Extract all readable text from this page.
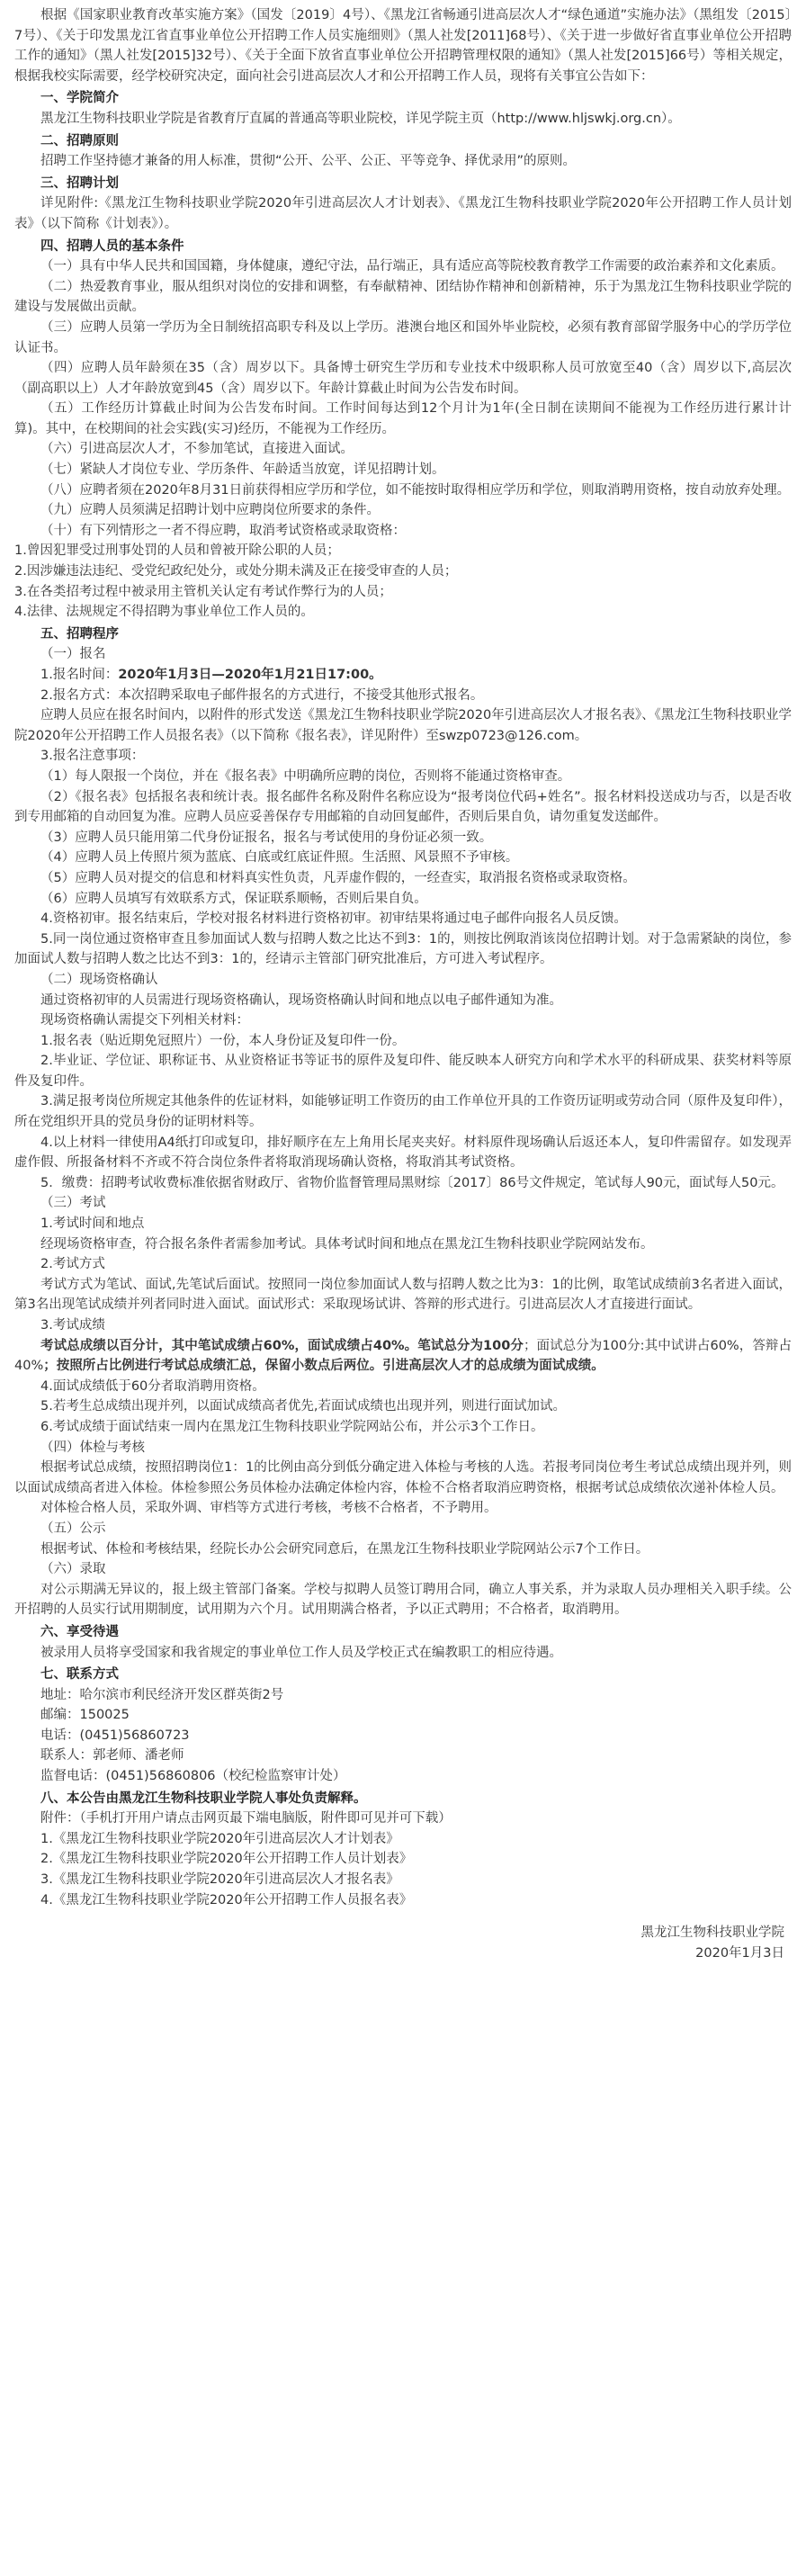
根据《国家职业教育改革实施方案》（国发〔2019〕4号）、《黑龙江省畅通引进高层次人才“绿色通道”实施办法》（黑组发〔2015〕7号）、《关于印发黑龙江省直事业单位公开招聘工作人员实施细则》（黑人社发[2011]68号）、《关于进一步做好省直事业单位公开招聘工作的通知》（黑人社发[2015]32号）、《关于全面下放省直事业单位公开招聘管理权限的通知》（黑人社发[2015]66号）等相关规定，根据我校实际需要，经学校研究决定，面向社会引进高层次人才和公开招聘工作人员，现将有关事宜公告如下：

一、学院简介

黑龙江生物科技职业学院是省教育厅直属的普通高等职业院校，详见学院主页（http://www.hljswkj.org.cn）。

二、招聘原则

招聘工作坚持德才兼备的用人标准，贯彻“公开、公平、公正、平等竞争、择优录用”的原则。

三、招聘计划

详见附件:《黑龙江生物科技职业学院2020年引进高层次人才计划表》、《黑龙江生物科技职业学院2020年公开招聘工作人员计划表》（以下简称《计划表》）。

四、招聘人员的基本条件

（一）具有中华人民共和国国籍，身体健康，遵纪守法，品行端正，具有适应高等院校教育教学工作需要的政治素养和文化素质。

（二）热爱教育事业，服从组织对岗位的安排和调整，有奉献精神、团结协作精神和创新精神，乐于为黑龙江生物科技职业学院的建设与发展做出贡献。

（三）应聘人员第一学历为全日制统招高职专科及以上学历。港澳台地区和国外毕业院校，必须有教育部留学服务中心的学历学位认证书。

（四）应聘人员年龄须在35（含）周岁以下。具备博士研究生学历和专业技术中级职称人员可放宽至40（含）周岁以下,高层次（副高职以上）人才年龄放宽到45（含）周岁以下。年龄计算截止时间为公告发布时间。

（五）工作经历计算截止时间为公告发布时间。工作时间每达到12个月计为1年(全日制在读期间不能视为工作经历进行累计计算)。其中，在校期间的社会实践(实习)经历，不能视为工作经历。

（六）引进高层次人才，不参加笔试，直接进入面试。

（七）紧缺人才岗位专业、学历条件、年龄适当放宽，详见招聘计划。

（八）应聘者须在2020年8月31日前获得相应学历和学位，如不能按时取得相应学历和学位，则取消聘用资格，按自动放弃处理。

（九）应聘人员须满足招聘计划中应聘岗位所要求的条件。

（十）有下列情形之一者不得应聘，取消考试资格或录取资格：

1.曾因犯罪受过刑事处罚的人员和曾被开除公职的人员；

2.因涉嫌违法违纪、受党纪政纪处分，或处分期未满及正在接受审查的人员；

3.在各类招考过程中被录用主管机关认定有考试作弊行为的人员；

4.法律、法规规定不得招聘为事业单位工作人员的。

五、招聘程序

（一）报名

1.报名时间：2020年1月3日—2020年1月21日17:00。

2.报名方式：本次招聘采取电子邮件报名的方式进行，不接受其他形式报名。

应聘人员应在报名时间内，以附件的形式发送《黑龙江生物科技职业学院2020年引进高层次人才报名表》、《黑龙江生物科技职业学院2020年公开招聘工作人员报名表》（以下简称《报名表》，详见附件）至swzp0723@126.com。

3.报名注意事项：

（1）每人限报一个岗位，并在《报名表》中明确所应聘的岗位，否则将不能通过资格审查。

（2）《报名表》包括报名表和统计表。报名邮件名称及附件名称应设为“报考岗位代码+姓名”。报名材料投送成功与否，以是否收到专用邮箱的自动回复为准。应聘人员应妥善保存专用邮箱的自动回复邮件，否则后果自负，请勿重复发送邮件。

（3）应聘人员只能用第二代身份证报名，报名与考试使用的身份证必须一致。

（4）应聘人员上传照片须为蓝底、白底或红底证件照。生活照、风景照不予审核。

（5）应聘人员对提交的信息和材料真实性负责，凡弄虚作假的，一经查实，取消报名资格或录取资格。

（6）应聘人员填写有效联系方式，保证联系顺畅，否则后果自负。

4.资格初审。报名结束后，学校对报名材料进行资格初审。初审结果将通过电子邮件向报名人员反馈。

5.同一岗位通过资格审查且参加面试人数与招聘人数之比达不到3：1的，则按比例取消该岗位招聘计划。对于急需紧缺的岗位，参加面试人数与招聘人数之比达不到3：1的，经请示主管部门研究批准后，方可进入考试程序。

（二）现场资格确认

通过资格初审的人员需进行现场资格确认，现场资格确认时间和地点以电子邮件通知为准。

现场资格确认需提交下列相关材料：

1.报名表（贴近期免冠照片）一份，本人身份证及复印件一份。

2.毕业证、学位证、职称证书、从业资格证书等证书的原件及复印件、能反映本人研究方向和学术水平的科研成果、获奖材料等原件及复印件。

3.满足报考岗位所规定其他条件的佐证材料，如能够证明工作资历的由工作单位开具的工作资历证明或劳动合同（原件及复印件），所在党组织开具的党员身份的证明材料等。

4.以上材料一律使用A4纸打印或复印，排好顺序在左上角用长尾夹夹好。材料原件现场确认后返还本人，复印件需留存。如发现弄虚作假、所报备材料不齐或不符合岗位条件者将取消现场确认资格，将取消其考试资格。

5．缴费：招聘考试收费标准依据省财政厅、省物价监督管理局黑财综〔2017〕86号文件规定，笔试每人90元，面试每人50元。

（三）考试

1.考试时间和地点

经现场资格审查，符合报名条件者需参加考试。具体考试时间和地点在黑龙江生物科技职业学院网站发布。

2.考试方式

考试方式为笔试、面试,先笔试后面试。按照同一岗位参加面试人数与招聘人数之比为3：1的比例，取笔试成绩前3名者进入面试，第3名出现笔试成绩并列者同时进入面试。面试形式：采取现场试讲、答辩的形式进行。引进高层次人才直接进行面试。

3.考试成绩

考试总成绩以百分计，其中笔试成绩占60%，面试成绩占40%。笔试总分为100分；面试总分为100分:其中试讲占60%，答辩占40%；按照所占比例进行考试总成绩汇总，保留小数点后两位。引进高层次人才的总成绩为面试成绩。

4.面试成绩低于60分者取消聘用资格。

5.若考生总成绩出现并列，以面试成绩高者优先,若面试成绩也出现并列，则进行面试加试。

6.考试成绩于面试结束一周内在黑龙江生物科技职业学院网站公布，并公示3个工作日。

（四）体检与考核

根据考试总成绩，按照招聘岗位1：1的比例由高分到低分确定进入体检与考核的人选。若报考同岗位考生考试总成绩出现并列，则以面试成绩高者进入体检。体检参照公务员体检办法确定体检内容，体检不合格者取消应聘资格，根据考试总成绩依次递补体检人员。

对体检合格人员，采取外调、审档等方式进行考核，考核不合格者，不予聘用。

（五）公示

根据考试、体检和考核结果，经院长办公会研究同意后，在黑龙江生物科技职业学院网站公示7个工作日。

（六）录取

对公示期满无异议的，报上级主管部门备案。学校与拟聘人员签订聘用合同，确立人事关系，并为录取人员办理相关入职手续。公开招聘的人员实行试用期制度，试用期为六个月。试用期满合格者，予以正式聘用；不合格者，取消聘用。

六、享受待遇

被录用人员将享受国家和我省规定的事业单位工作人员及学校正式在编教职工的相应待遇。

七、联系方式

地址：哈尔滨市利民经济开发区群英街2号

邮编：150025

电话：(0451)56860723

联系人：郭老师、潘老师

监督电话：(0451)56860806（校纪检监察审计处）

八、本公告由黑龙江生物科技职业学院人事处负责解释。

附件：（手机打开用户请点击网页最下端电脑版，附件即可见并可下载）

1.《黑龙江生物科技职业学院2020年引进高层次人才计划表》

2.《黑龙江生物科技职业学院2020年公开招聘工作人员计划表》

3.《黑龙江生物科技职业学院2020年引进高层次人才报名表》

4.《黑龙江生物科技职业学院2020年公开招聘工作人员报名表》

黑龙江生物科技职业学院

2020年1月3日
